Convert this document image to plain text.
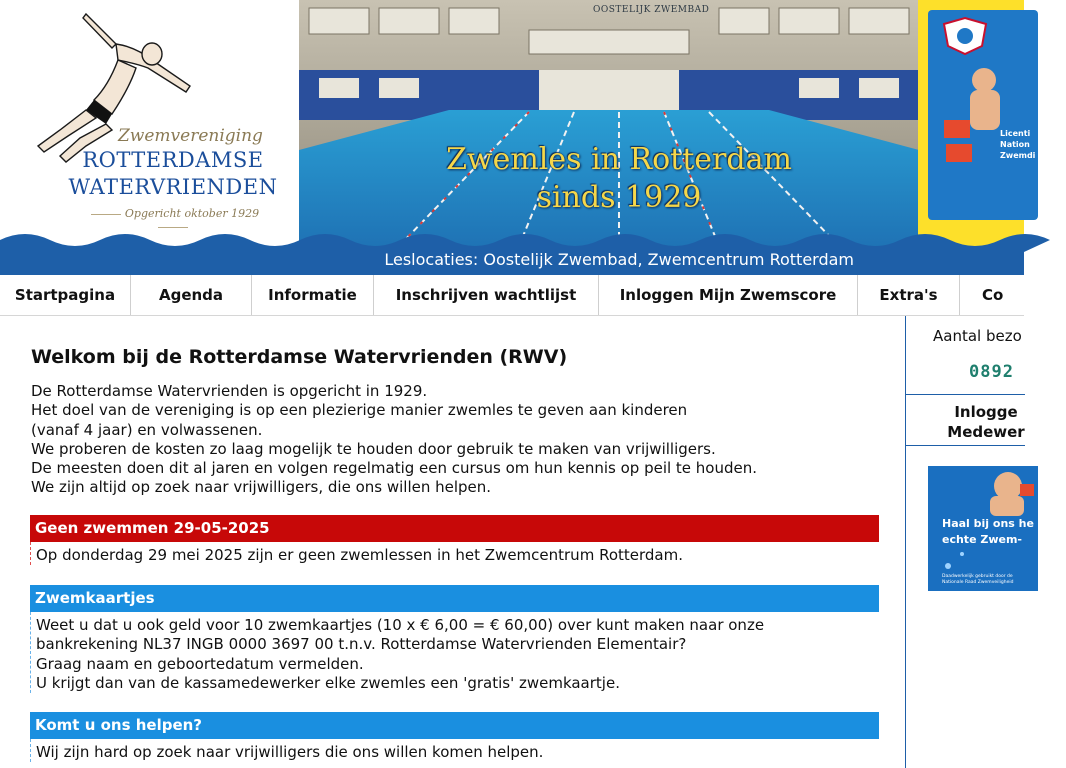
Zwemvereniging
ROTTERDAMSE
WATERVRIENDEN
Opgericht oktober 1929
OOSTELIJK ZWEMBAD
Zwemles in Rotterdam
sinds 1929
Licenti
Nation
Zwemdi
Leslocaties: Oostelijk Zwembad, Zwemcentrum Rotterdam
Startpagina	Agenda	Informatie	Inschrijven wachtlijst	Inloggen Mijn Zwemscore	Extra's	Co
Welkom bij de Rotterdamse Watervrienden (RWV)

De Rotterdamse Watervrienden is opgericht in 1929.

Het doel van de vereniging is op een plezierige manier zwemles te geven aan kinderen

(vanaf 4 jaar) en volwassenen.

We proberen de kosten zo laag mogelijk te houden door gebruik te maken van vrijwilligers.

De meesten doen dit al jaren en volgen regelmatig een cursus om hun kennis op peil te houden.

We zijn altijd op zoek naar vrijwilligers, die ons willen helpen.

Geen zwemmen 29-05-2025

Op donderdag 29 mei 2025 zijn er geen zwemlessen in het Zwemcentrum Rotterdam.

Zwemkaartjes

Weet u dat u ook geld voor 10 zwemkaartjes (10 x € 6,00 = € 60,00) over kunt maken naar onze

bankrekening NL37 INGB 0000 3697 00 t.n.v. Rotterdamse Watervrienden Elementair?

Graag naam en geboortedatum vermelden.

U krijgt dan van de kassamedewerker elke zwemles een 'gratis' zwemkaartje.

Komt u ons helpen?

Wij zijn hard op zoek naar vrijwilligers die ons willen komen helpen.

Aantal bezo
0892
Inlogge
Medewer
Haal bij ons he
echte Zwem-
Daadwerkelijk gebruikt door de
Nationale Raad Zwemveiligheid
